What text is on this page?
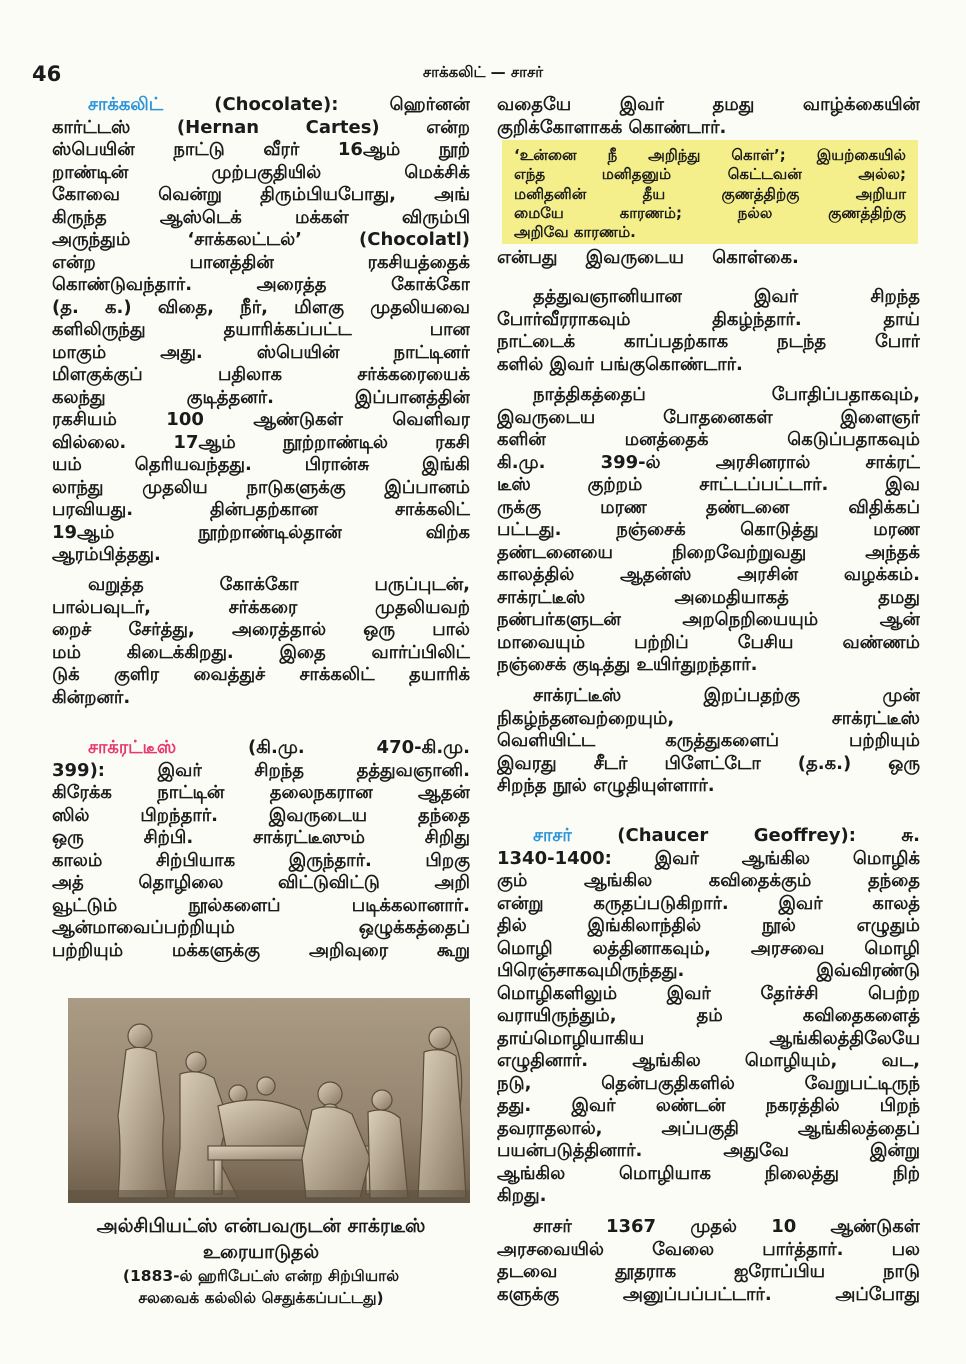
46	சாக்கலிட் — சாசர்
சாக்கலிட்	(Chocolate): ஹெர்னன்
கார்ட்டஸ் (Hernan Cartes) என்ற
ஸ்பெயின் நாட்டு வீரர் 16ஆம் நூற்
றாண்டின் முற்பகுதியில் மெக்சிக்
கோவை வென்று திரும்பியபோது, அங்
கிருந்த ஆஸ்டெக் மக்கள் விரும்பி
அருந்தும் ‘சாக்கலட்டல்’ (Chocolatl)
என்ற பானத்தின் ரகசியத்தைக்
கொண்டுவந்தார். அரைத்த கோக்கோ
(த. க.) விதை, நீர், மிளகு முதலியவை
களிலிருந்து தயாரிக்கப்பட்ட பான
மாகும் அது. ஸ்பெயின் நாட்டினர்
மிளகுக்குப் பதிலாக சர்க்கரையைக்
கலந்து குடித்தனர். இப்பானத்தின்
ரகசியம் 100 ஆண்டுகள் வெளிவர
வில்லை. 17ஆம் நூற்றாண்டில் ரகசி
யம் தெரியவந்தது. பிரான்சு இங்கி
லாந்து முதலிய நாடுகளுக்கு இப்பானம்
பரவியது. தின்பதற்கான சாக்கலிட்
19ஆம் நூற்றாண்டில்தான் விற்க
ஆரம்பித்தது.
வறுத்த கோக்கோ பருப்புடன்,
பால்பவுடர், சர்க்கரை முதலியவற்
றைச் சேர்த்து, அரைத்தால் ஒரு பால்
மம் கிடைக்கிறது. இதை வார்ப்பிலிட்
டுக் குளிர வைத்துச் சாக்கலிட் தயாரிக்
கின்றனர்.
சாக்ரட்டீஸ்	(கி.மு. 470-கி.மு.
399): இவர் சிறந்த தத்துவஞானி.
கிரேக்க நாட்டின் தலைநகரான ஆதன்
ஸில் பிறந்தார். இவருடைய தந்தை
ஒரு சிற்பி. சாக்ரட்டீஸும் சிறிது
காலம் சிற்பியாக இருந்தார். பிறகு
அத் தொழிலை விட்டுவிட்டு அறி
வூட்டும் நூல்களைப் படிக்கலானார்.
ஆன்மாவைப்பற்றியும் ஒழுக்கத்தைப்
பற்றியும் மக்களுக்கு அறிவுரை கூறு
அல்சிபியட்ஸ் என்பவருடன் சாக்ரடீஸ்
உரையாடுதல்
(1883-ல் ஹரிபேட்ஸ் என்ற சிற்பியால்
சலவைக் கல்லில் செதுக்கப்பட்டது)
வதையே இவர் தமது வாழ்க்கையின்
குறிக்கோளாகக் கொண்டார்.
‘உன்னை நீ அறிந்து கொள்’; இயற்கையில்
எந்த மனிதனும் கெட்டவன் அல்ல;
மனிதனின் தீய குணத்திற்கு அறியா
மையே காரணம்; நல்ல குணத்திற்கு
அறிவே காரணம்.
என்பது இவருடைய கொள்கை.
தத்துவஞானியான இவர் சிறந்த
போர்வீரராகவும் திகழ்ந்தார். தாய்
நாட்டைக் காப்பதற்காக நடந்த போர்
களில் இவர் பங்குகொண்டார்.
நாத்திகத்தைப் போதிப்பதாகவும்,
இவருடைய போதனைகள் இளைஞர்
களின் மனத்தைக் கெடுப்பதாகவும்
கி.மு. 399-ல் அரசினரால் சாக்ரட்
டீஸ் குற்றம் சாட்டப்பட்டார். இவ
ருக்கு மரண தண்டனை விதிக்கப்
பட்டது. நஞ்சைக் கொடுத்து மரண
தண்டனையை நிறைவேற்றுவது அந்தக்
காலத்தில் ஆதன்ஸ் அரசின் வழக்கம்.
சாக்ரட்டீஸ் அமைதியாகத் தமது
நண்பர்களுடன் அறநெறியையும் ஆன்
மாவையும் பற்றிப் பேசிய வண்ணம்
நஞ்சைக் குடித்து உயிர்துறந்தார்.
சாக்ரட்டீஸ் இறப்பதற்கு முன்
நிகழ்ந்தனவற்றையும், சாக்ரட்டீஸ்
வெளியிட்ட கருத்துகளைப் பற்றியும்
இவரது சீடர் பிளேட்டோ (த.க.) ஒரு
சிறந்த நூல் எழுதியுள்ளார்.
சாசர்	(Chaucer Geoffrey): சு.
1340-1400: இவர் ஆங்கில மொழிக்
கும் ஆங்கில கவிதைக்கும் தந்தை
என்று கருதப்படுகிறார். இவர் காலத்
தில் இங்கிலாந்தில் நூல் எழுதும்
மொழி லத்தினாகவும், அரசவை மொழி
பிரெஞ்சாகவுமிருந்தது. இவ்விரண்டு
மொழிகளிலும் இவர் தேர்ச்சி பெற்ற
வராயிருந்தும், தம் கவிதைகளைத்
தாய்மொழியாகிய ஆங்கிலத்திலேயே
எழுதினார். ஆங்கில மொழியும், வட,
நடு, தென்பகுதிகளில் வேறுபட்டிருந்
தது. இவர் லண்டன் நகரத்தில் பிறந்
தவராதலால், அப்பகுதி ஆங்கிலத்தைப்
பயன்படுத்தினார். அதுவே இன்று
ஆங்கில மொழியாக நிலைத்து நிற்
கிறது.
சாசர் 1367 முதல் 10 ஆண்டுகள்
அரசவையில் வேலை பார்த்தார். பல
தடவை தூதராக ஐரோப்பிய நாடு
களுக்கு அனுப்பப்பட்டார். அப்போது
